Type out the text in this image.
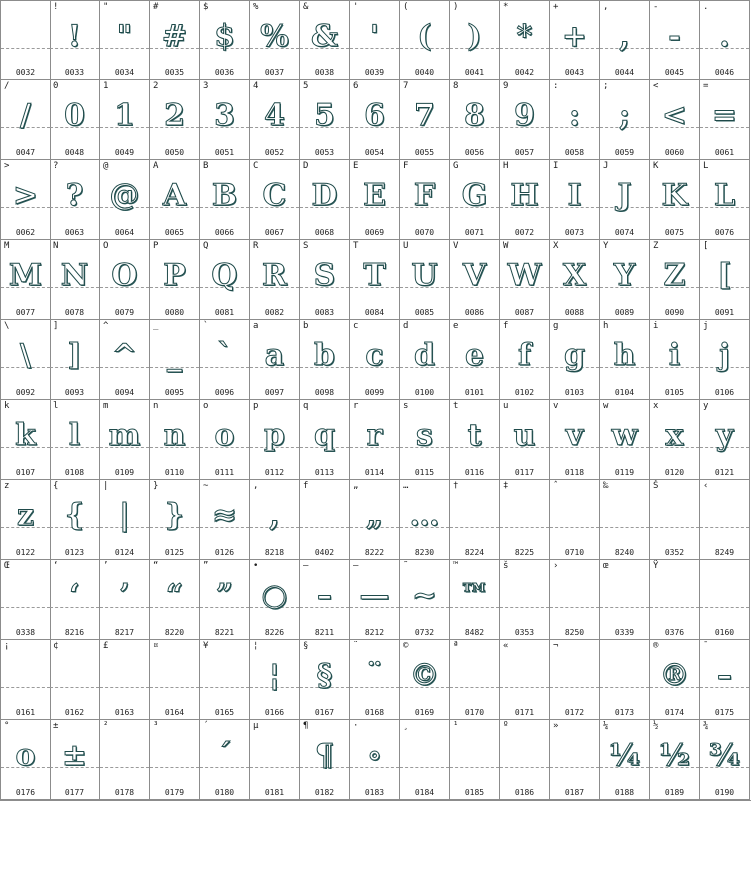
0032
!
!
0033
"
"
0034
#
#
0035
$
$
0036
%
%
0037
&
&
0038
'
'
0039
(
(
0040
)
)
0041
*
*
0042
+
+
0043
,
,
0044
-
-
0045
.
.
0046
/
/
0047
0
0
0048
1
1
0049
2
2
0050
3
3
0051
4
4
0052
5
5
0053
6
6
0054
7
7
0055
8
8
0056
9
9
0057
:
:
0058
;
;
0059
<
<
0060
=
=
0061
>
>
0062
?
?
0063
@
@
0064
A
A
0065
B
B
0066
C
C
0067
D
D
0068
E
E
0069
F
F
0070
G
G
0071
H
H
0072
I
I
0073
J
J
0074
K
K
0075
L
L
0076
M
M
0077
N
N
0078
O
O
0079
P
P
0080
Q
Q
0081
R
R
0082
S
S
0083
T
T
0084
U
U
0085
V
V
0086
W
W
0087
X
X
0088
Y
Y
0089
Z
Z
0090
[
[
0091
\
\
0092
]
]
0093
^
^
0094
_
_
0095
`
`
0096
a
a
0097
b
b
0098
c
c
0099
d
d
0100
e
e
0101
f
f
0102
g
g
0103
h
h
0104
i
i
0105
j
j
0106
k
k
0107
l
l
0108
m
m
0109
n
n
0110
o
o
0111
p
p
0112
q
q
0113
r
r
0114
s
s
0115
t
t
0116
u
u
0117
v
v
0118
w
w
0119
x
x
0120
y
y
0121
z
z
0122
{
{
0123
|
|
0124
}
}
0125
~
≈
0126
,
,
8218
f
0402
„
„
8222
…
…
8230
†
8224
‡
8225
ˆ
0710
‰
8240
Š
0352
‹
8249
Œ
0338
‘
‘
8216
’
’
8217
“
“
8220
”
”
8221
•
○
8226
–
–
8211
—
—
8212
˜
~
0732
™
™
8482
š
0353
›
8250
œ
0339
Ÿ
0376	0160
¡
0161
¢
0162
£
0163
¤
0164
¥
0165
¦
¦
0166
§
§
0167
¨
¨
0168
©
©
0169
ª
0170
«
0171
¬
0172	0173
®
®
0174
¯
–
0175
°
o
0176
±
±
0177
²
0178
³
0179
´
´
0180
µ
0181
¶
¶
0182
·
∘
0183
¸
0184
¹
0185
º
0186
»
0187
¼
¼
0188
½
½
0189
¾
¾
0190
